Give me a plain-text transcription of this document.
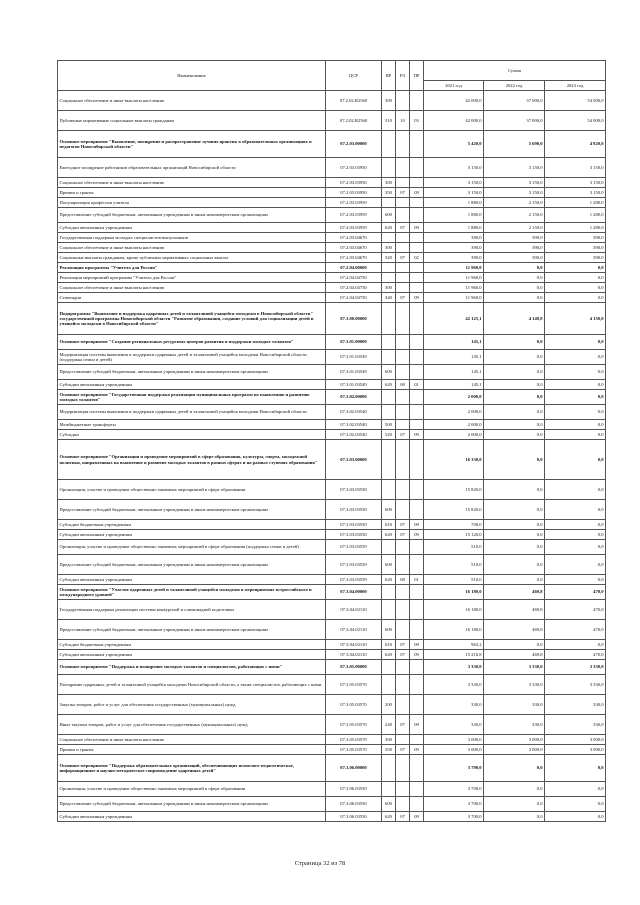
Наименование	ЦСР	ВР	РЗ	ПР	Сумма		
					2021 год	2022 год	2023 год
Социальное обеспечение и иные выплаты населению	07.2.02.R2560	300			42 000,0	37 000,0	54 000,0
Публичные нормативные социальные выплаты гражданам	07.2.02.R2560	310	10	03	42 000,0	37 000,0	54 000,0
Основное мероприятие "Выявление, поощрение и распространение лучших практик в образовательных организациях и педагогов Новосибирской области"	07.2.03.00000				5 420,0	5 690,0	4 820,0
Ежегодное поощрение работников образовательных организаций Новосибирской области	07.2.03.03950				3 150,0	3 150,0	3 150,0
Социальное обеспечение и иные выплаты населению	07.2.03.03950	300			3 150,0	3 150,0	3 150,0
Премии и гранты	07.2.03.03950	350	07	09	3 150,0	3 150,0	3 150,0
Популяризация профессии учителя	07.2.03.03959				1 880,0	2 150,0	1 280,0
Предоставление субсидий бюджетным, автономным учреждениям и иным некоммерческим организациям	07.2.03.03959	600			1 880,0	2 150,0	1 280,0
Субсидии автономным учреждениям	07.2.03.03959	620	07	09	1 880,0	2 150,0	1 280,0
Государственная поддержка молодых специалистов-выпускников	07.2.03.04670				390,0	390,0	390,0
Социальное обеспечение и иные выплаты населению	07.2.03.04670	300			390,0	390,0	390,0
Социальные выплаты гражданам, кроме публичных нормативных социальных выплат	07.2.03.04670	320	07	02	390,0	390,0	390,0
Реализация программы "Учитель для России"	07.2.04.00000				11 960,0	0,0	0,0
Реализация мероприятий программы "Учитель для России"	07.2.04.04750				11 960,0	0,0	0,0
Социальное обеспечение и иные выплаты населению	07.2.04.04750	300			11 960,0	0,0	0,0
Стипендии	07.2.04.04750	340	07	09	11 960,0	0,0	0,0
Подпрограмма "Выявление и поддержка одаренных детей и талантливой учащейся молодежи в Новосибирской области" государственной программы Новосибирской области "Развитие образования, создание условий для социализации детей и учащейся молодежи в Новосибирской области"	07.3.00.00000				42 125,1	4 149,8	4 150,0
Основное мероприятие "Создание региональных ресурсных центров развития и поддержки молодых талантов"	07.3.01.00000				145,1	0,0	0,0
Модернизация системы выявления и поддержки одаренных детей и талантливой учащейся молодежи Новосибирской области (поддержка семьи и детей)	07.3.01.03549				145,1	0,0	0,0
Предоставление субсидий бюджетным, автономным учреждениям и иным некоммерческим организациям	07.3.01.03549	600			145,1	0,0	0,0
Субсидии автономным учреждениям	07.3.01.03549	620	08	01	145,1	0,0	0,0
Основное мероприятие "Государственная поддержка реализации муниципальных программ по выявлению и развитию молодых талантов"	07.3.02.00000				2 000,0	0,0	0,0
Модернизация системы выявления и поддержки одаренных детей и талантливой учащейся молодежи Новосибирской области	07.3.02.03540				2 000,0	0,0	0,0
Межбюджетные трансферты	07.3.02.03540	500			2 000,0	0,0	0,0
Субсидии	07.3.02.03540	520	07	09	2 000,0	0,0	0,0
Основное мероприятие "Организация и проведение мероприятий в сфере образования, культуры, спорта, молодежной политики, направленных на выявление и развитие молодых талантов в разных сферах и на разных ступенях образования"	07.3.03.00000				16 330,0	0,0	0,0
Организация, участие и проведение общественно значимых мероприятий в сфере образования	07.3.03.03550				15 820,0	0,0	0,0
Предоставление субсидий бюджетным, автономным учреждениям и иным некоммерческим организациям	07.3.03.03550	600			15 820,0	0,0	0,0
Субсидии бюджетным учреждениям	07.3.03.03550	610	07	09	700,0	0,0	0,0
Субсидии автономным учреждениям	07.3.03.03550	620	07	09	15 120,0	0,0	0,0
Организация, участие и проведение общественно значимых мероприятий в сфере образования (поддержка семьи и детей)	07.3.03.03559				510,0	0,0	0,0
Предоставление субсидий бюджетным, автономным учреждениям и иным некоммерческим организациям	07.3.03.03559	600			510,0	0,0	0,0
Субсидии автономным учреждениям	07.3.03.03559	620	08	01	510,0	0,0	0,0
Основное мероприятие "Участие одаренных детей и талантливой учащейся молодежи в мероприятиях всероссийского и международного уровней"	07.3.04.00000				16 180,0	469,8	470,0
Государственная поддержка реализации системы конкурсной и олимпиадной подготовки	07.3.04.02110				16 180,0	469,8	470,0
Предоставление субсидий бюджетным, автономным учреждениям и иным некоммерческим организациям	07.3.04.02110	600			16 180,0	469,8	470,0
Субсидии бюджетным учреждениям	07.3.04.02110	610	07	09	963,2	0,0	0,0
Субсидии автономным учреждениям	07.3.04.02110	620	07	09	15 216,8	469,8	470,0
Основное мероприятие "Поддержка и поощрение молодых талантов и специалистов, работающих с ними"	07.3.05.00000				3 330,0	3 330,0	3 330,0
Поощрение одаренных детей и талантливой учащейся молодежи Новосибирской области, а также специалистов, работающих с ними	07.3.05.03570				3 330,0	3 330,0	3 330,0
Закупка товаров, работ и услуг для обеспечения государственных (муниципальных) нужд	07.3.05.03570	200			330,0	330,0	330,0
Иные закупки товаров, работ и услуг для обеспечения государственных (муниципальных) нужд	07.3.05.03570	240	07	09	330,0	330,0	330,0
Социальное обеспечение и иные выплаты населению	07.3.05.03570	300			3 000,0	3 000,0	3 000,0
Премии и гранты	07.3.05.03570	350	07	09	3 000,0	3 000,0	3 000,0
Основное мероприятие "Поддержка образовательных организаций, обеспечивающих психолого-педагогическое, информационное и научно-методическое сопровождение одаренных детей"	07.3.06.00000				3 790,0	0,0	0,0
Организация, участие и проведение общественно значимых мероприятий в сфере образования	07.3.06.03550				3 700,0	0,0	0,0
Предоставление субсидий бюджетным, автономным учреждениям и иным некоммерческим организациям	07.3.06.03550	600			3 700,0	0,0	0,0
Субсидии автономным учреждениям	07.3.06.03550	620	07	09	3 700,0	0,0	0,0
Страница 32 из 78
